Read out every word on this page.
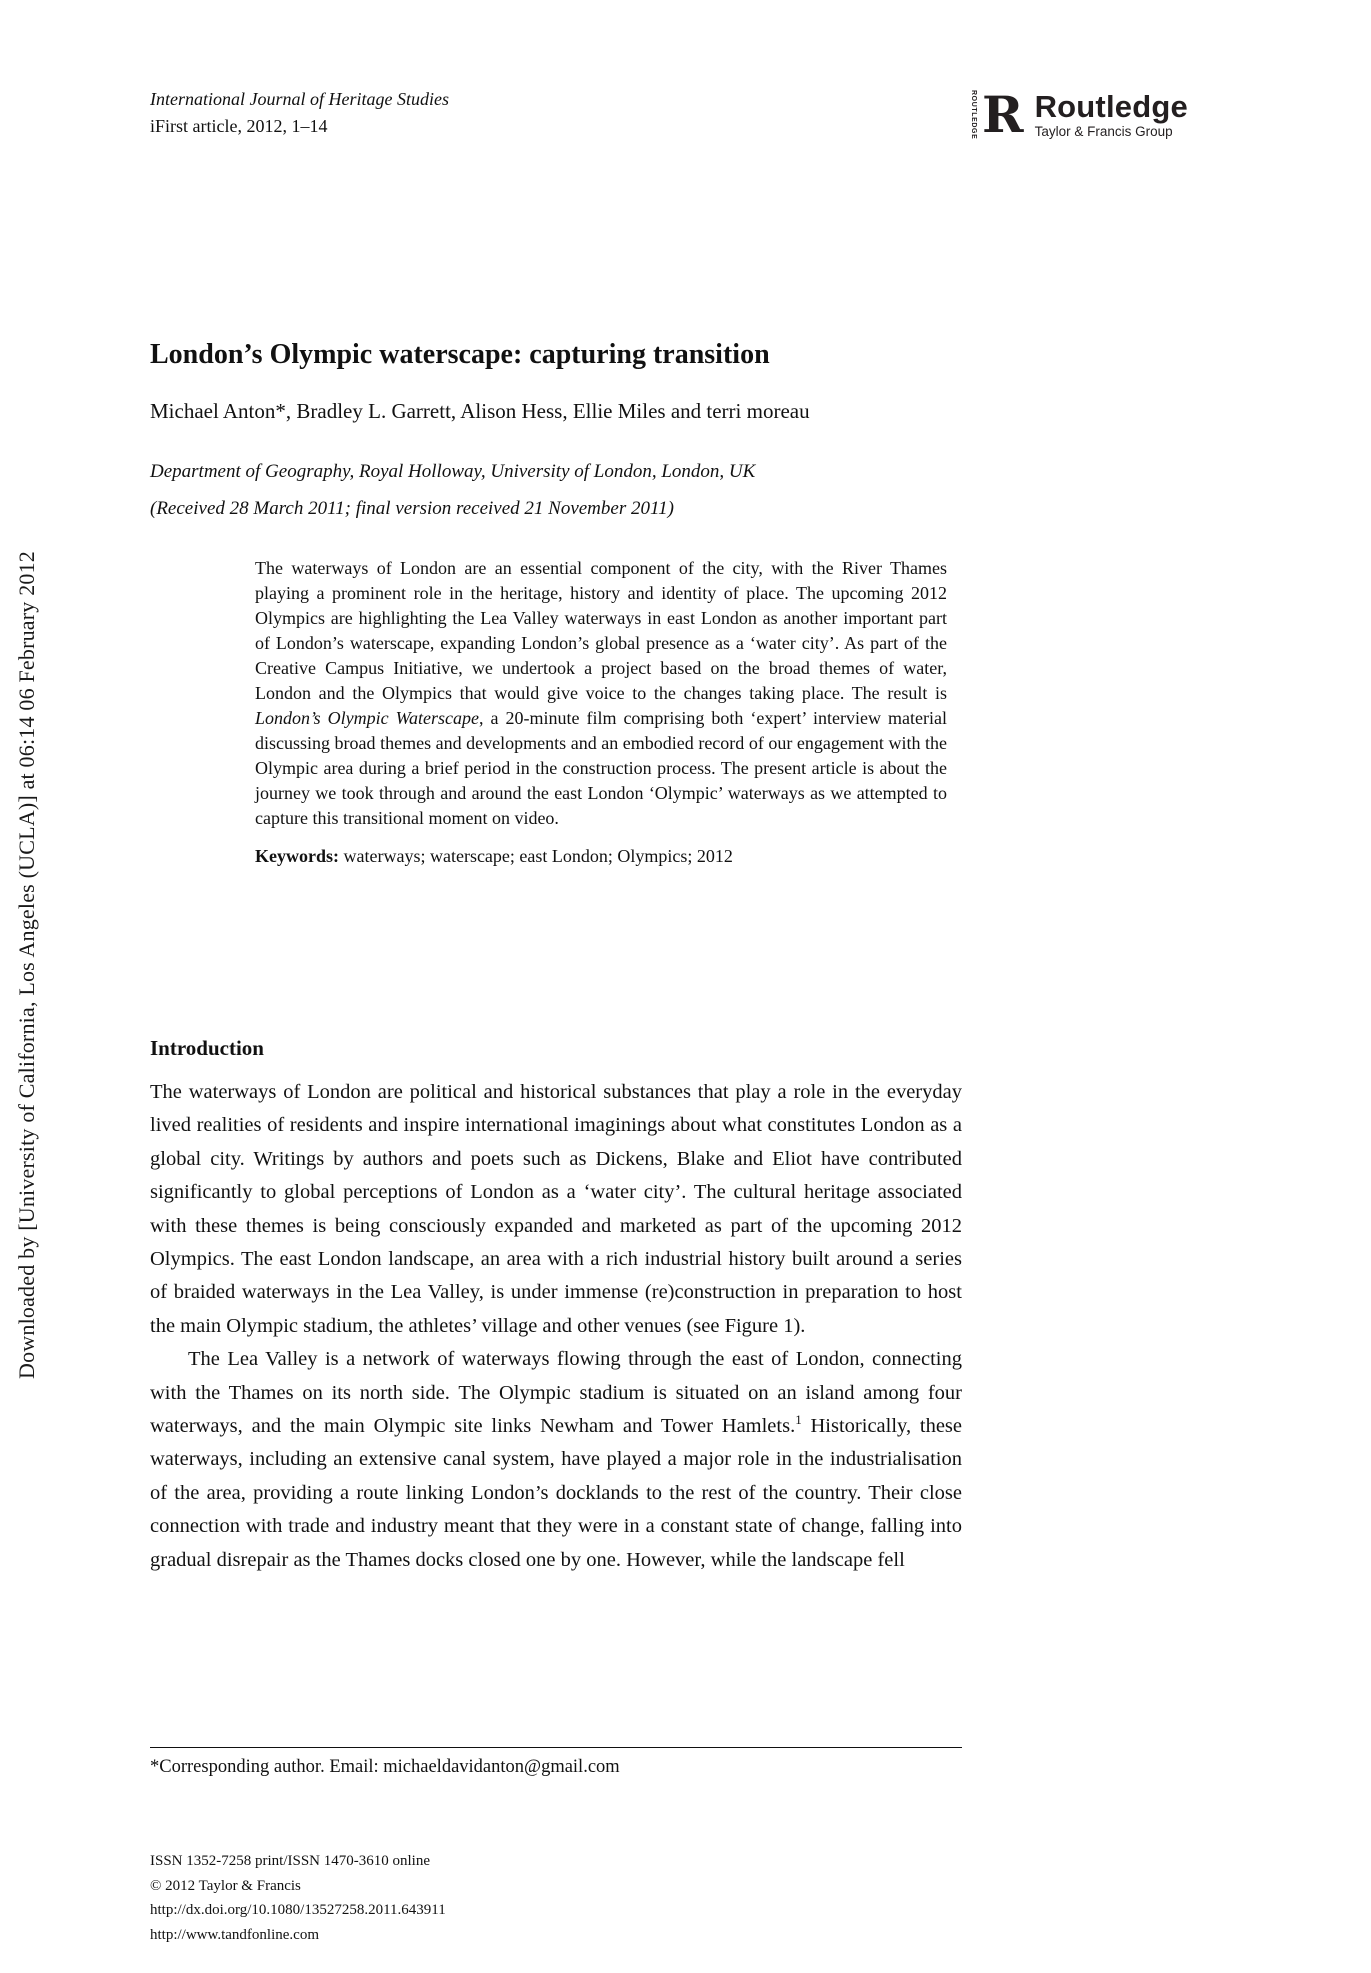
Downloaded by [University of California, Los Angeles (UCLA)] at 06:14 06 February 2012
International Journal of Heritage Studies
iFirst article, 2012, 1–14	ROUTLEDGE R Routledge
Taylor & Francis Group
London’s Olympic waterscape: capturing transition
Michael Anton*, Bradley L. Garrett, Alison Hess, Ellie Miles and terri moreau
Department of Geography, Royal Holloway, University of London, London, UK
(Received 28 March 2011; final version received 21 November 2011)

The waterways of London are an essential component of the city, with the River Thames playing a prominent role in the heritage, history and identity of place. The upcoming 2012 Olympics are highlighting the Lea Valley waterways in east London as another important part of London’s waterscape, expanding London’s global presence as a ‘water city’. As part of the Creative Campus Initiative, we undertook a project based on the broad themes of water, London and the Olympics that would give voice to the changes taking place. The result is London’s Olympic Waterscape, a 20-minute film comprising both ‘expert’ interview material discussing broad themes and developments and an embodied record of our engagement with the Olympic area during a brief period in the construction process. The present article is about the journey we took through and around the east London ‘Olympic’ waterways as we attempted to capture this transitional moment on video.

Keywords: waterways; waterscape; east London; Olympics; 2012

Introduction

The waterways of London are political and historical substances that play a role in the everyday lived realities of residents and inspire international imaginings about what constitutes London as a global city. Writings by authors and poets such as Dickens, Blake and Eliot have contributed significantly to global perceptions of London as a ‘water city’. The cultural heritage associated with these themes is being consciously expanded and marketed as part of the upcoming 2012 Olympics. The east London landscape, an area with a rich industrial history built around a series of braided waterways in the Lea Valley, is under immense (re)construction in preparation to host the main Olympic stadium, the athletes’ village and other venues (see Figure 1).

The Lea Valley is a network of waterways flowing through the east of London, connecting with the Thames on its north side. The Olympic stadium is situated on an island among four waterways, and the main Olympic site links Newham and Tower Hamlets.$^1$ Historically, these waterways, including an extensive canal system, have played a major role in the industrialisation of the area, providing a route linking London’s docklands to the rest of the country. Their close connection with trade and industry meant that they were in a constant state of change, falling into gradual disrepair as the Thames docks closed one by one. However, while the landscape fell

*Corresponding author. Email: michaeldavidanton@gmail.com
ISSN 1352-7258 print/ISSN 1470-3610 online
© 2012 Taylor & Francis
http://dx.doi.org/10.1080/13527258.2011.643911
http://www.tandfonline.com
